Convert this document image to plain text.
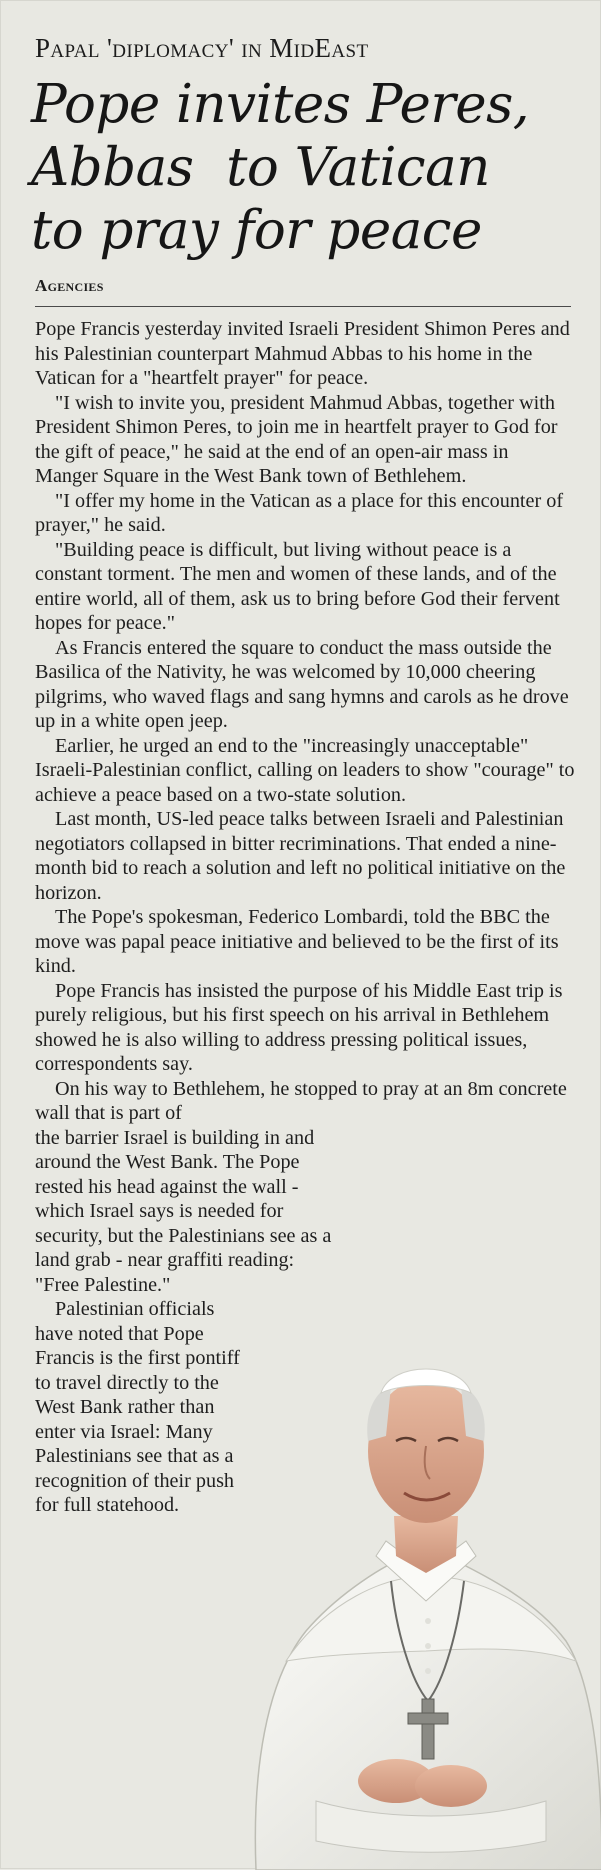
Papal 'diplomacy' in MidEast
Pope invites Peres,
Abbas  to Vatican
to pray for peace
Agencies

Pope Francis yesterday invited Israeli President Shimon Peres and his Palestinian counterpart Mahmud Abbas to his home in the Vatican for a "heartfelt prayer" for peace.

"I wish to invite you, president Mahmud Abbas, together with President Shimon Peres, to join me in heartfelt prayer to God for the gift of peace," he said at the end of an open-air mass in Manger Square in the West Bank town of Bethlehem.

"I offer my home in the Vatican as a place for this encounter of prayer," he said.

"Building peace is difficult, but living without peace is a constant torment. The men and women of these lands, and of the entire world, all of them, ask us to bring before God their fervent hopes for peace."

As Francis entered the square to conduct the mass outside the Basilica of the Nativity, he was welcomed by 10,000 cheering pilgrims, who waved flags and sang hymns and carols as he drove up in a white open jeep.

Earlier, he urged an end to the "increasingly unacceptable" Israeli-Palestinian conflict, calling on leaders to show "courage" to achieve a peace based on a two-state solution.

Last month, US-led peace talks between Israeli and Palestinian negotiators collapsed in bitter recriminations. That ended a nine-month bid to reach a solution and left no political initiative on the horizon.

The Pope's spokesman, Federico Lombardi, told the BBC the move was papal peace initiative and believed to be the first of its kind.

Pope Francis has insisted the purpose of his Middle East trip is purely religious, but his first speech on his arrival in Bethlehem showed he is also willing to address pressing political issues, correspondents say.

On his way to Bethlehem, he stopped to pray at an 8m concrete wall that is part of

the barrier Israel is building in and around the West Bank. The Pope rested his head against the wall - which Israel says is needed for security, but the Palestinians see as a land grab - near graffiti reading: "Free Palestine."

Palestinian officials have noted that Pope Francis is the first pontiff to travel directly to the West Bank rather than enter via Israel: Many Palestinians see that as a recognition of their push for full statehood.
